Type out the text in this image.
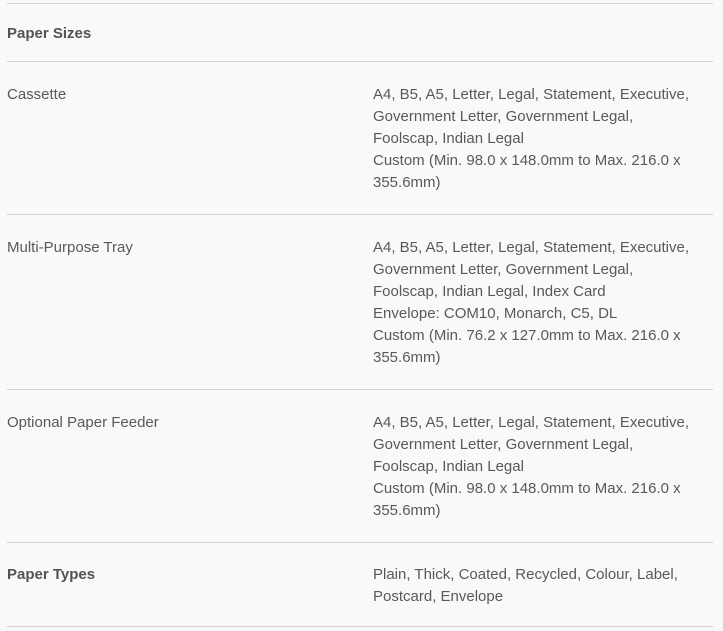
Paper Sizes
Cassette	A4, B5, A5, Letter, Legal, Statement, Executive, Government Letter, Government Legal, Foolscap, Indian Legal
Custom (Min. 98.0 x 148.0mm to Max. 216.0 x 355.6mm)
Multi-Purpose Tray	A4, B5, A5, Letter, Legal, Statement, Executive, Government Letter, Government Legal, Foolscap, Indian Legal, Index Card
Envelope: COM10, Monarch, C5, DL
Custom (Min. 76.2 x 127.0mm to Max. 216.0 x 355.6mm)
Optional Paper Feeder	A4, B5, A5, Letter, Legal, Statement, Executive, Government Letter, Government Legal, Foolscap, Indian Legal
Custom (Min. 98.0 x 148.0mm to Max. 216.0 x 355.6mm)
Paper Types	Plain, Thick, Coated, Recycled, Colour, Label, Postcard, Envelope
